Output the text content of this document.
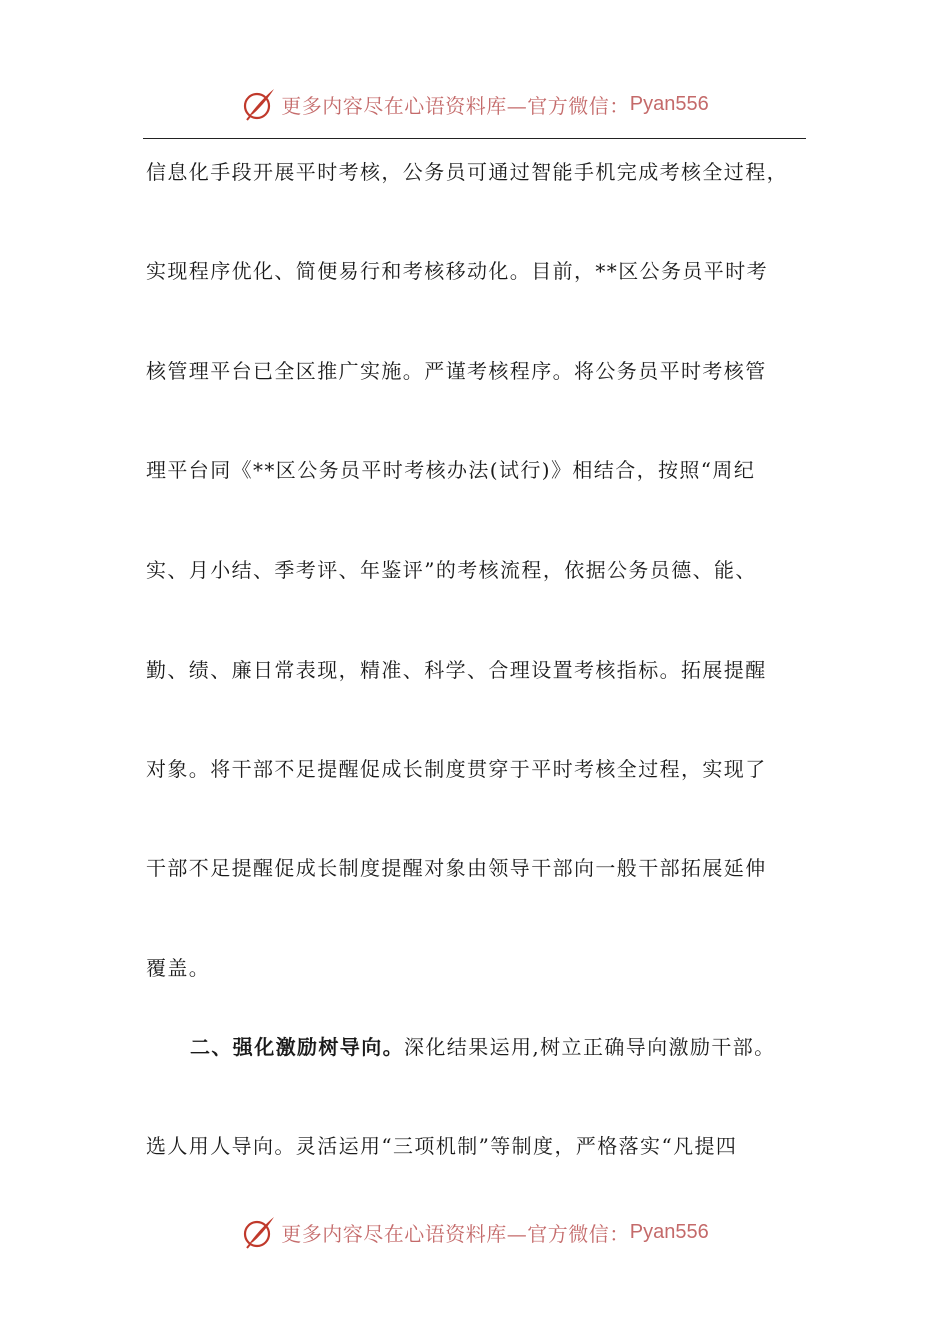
更多内容尽在心语资料库—官方微信： Pyan556
信息化手段开展平时考核，公务员可通过智能手机完成考核全过程，
实现程序优化、简便易行和考核移动化。目前，**区公务员平时考
核管理平台已全区推广实施。严谨考核程序。将公务员平时考核管
理平台同《**区公务员平时考核办法(试行)》相结合，按照“周纪
实、月小结、季考评、年鉴评”的考核流程，依据公务员德、能、
勤、绩、廉日常表现，精准、科学、合理设置考核指标。拓展提醒
对象。将干部不足提醒促成长制度贯穿于平时考核全过程，实现了
干部不足提醒促成长制度提醒对象由领导干部向一般干部拓展延伸
覆盖。
二、强化激励树导向。深化结果运用,树立正确导向激励干部。
选人用人导向。灵活运用“三项机制”等制度，严格落实“凡提四
更多内容尽在心语资料库—官方微信： Pyan556
